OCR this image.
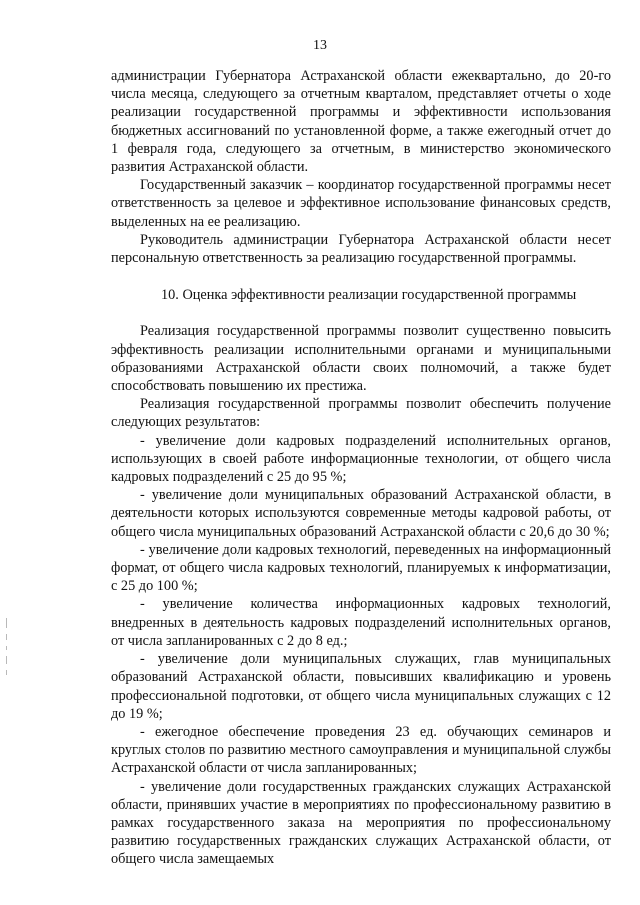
13

администрации Губернатора Астраханской области ежеквартально, до 20-го числа месяца, следующего за отчетным кварталом, представляет отчеты о ходе реализации государственной программы и эффективности использования бюджетных ассигнований по установленной форме, а также ежегодный отчет до 1 февраля года, следующего за отчетным, в министерство экономического развития Астраханской области.

Государственный заказчик – координатор государственной программы несет ответственность за целевое и эффективное использование финансовых средств, выделенных на ее реализацию.

Руководитель администрации Губернатора Астраханской области несет персональную ответственность за реализацию государственной программы.

10. Оценка эффективности реализации государственной программы

Реализация государственной программы позволит существенно повысить эффективность реализации исполнительными органами и муниципальными образованиями Астраханской области своих полномочий, а также будет способствовать повышению их престижа.

Реализация государственной программы позволит обеспечить получение следующих результатов:

- увеличение доли кадровых подразделений исполнительных органов, использующих в своей работе информационные технологии, от общего числа кадровых подразделений с 25 до 95 %;

- увеличение доли муниципальных образований Астраханской области, в деятельности которых используются современные методы кадровой работы, от общего числа муниципальных образований Астраханской области с 20,6 до 30 %;

- увеличение доли кадровых технологий, переведенных на информационный формат, от общего числа кадровых технологий, планируемых к информатизации, с 25 до 100 %;

- увеличение количества информационных кадровых технологий, внедренных в деятельность кадровых подразделений исполнительных органов, от числа запланированных с 2 до 8 ед.;

- увеличение доли муниципальных служащих, глав муниципальных образований Астраханской области, повысивших квалификацию и уровень профессиональной подготовки, от общего числа муниципальных служащих с 12 до 19 %;

- ежегодное обеспечение проведения 23 ед. обучающих семинаров и круглых столов по развитию местного самоуправления и муниципальной службы Астраханской области от числа запланированных;

- увеличение доли государственных гражданских служащих Астраханской области, принявших участие в мероприятиях по профессиональному развитию в рамках государственного заказа на мероприятия по профессиональному развитию государственных гражданских служащих Астраханской области, от общего числа замещаемых
